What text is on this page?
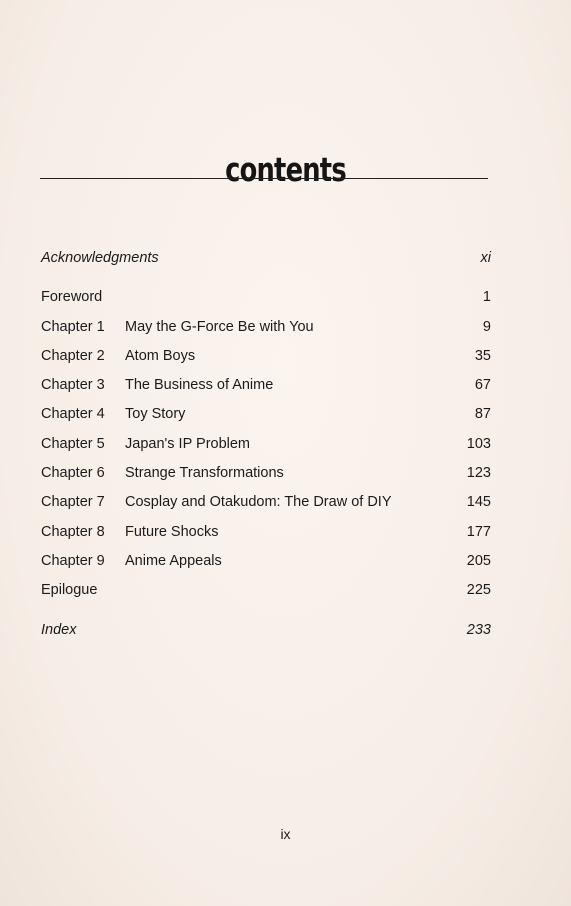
contents
Acknowledgments	xi
Foreword	1
Chapter 1 May the G-Force Be with You	9
Chapter 2 Atom Boys	35
Chapter 3 The Business of Anime	67
Chapter 4 Toy Story	87
Chapter 5 Japan's IP Problem	103
Chapter 6 Strange Transformations	123
Chapter 7 Cosplay and Otakudom: The Draw of DIY	145
Chapter 8 Future Shocks	177
Chapter 9 Anime Appeals	205
Epilogue	225
Index	233
ix
